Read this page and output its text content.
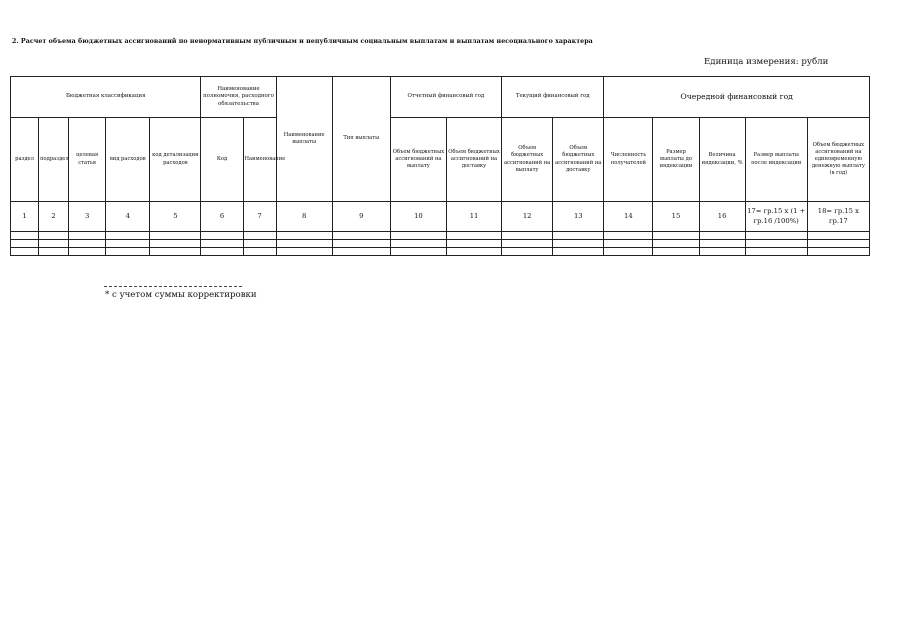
2. Расчет объема бюджетных ассигнований по ненормативным публичным и непубличным социальным выплатам и выплатам несоциального характера
Единица измерения: рубли
Бюджетная классификация					Наименование полномочия, расходного обязательства		Наименование выплаты	Тип выплаты	Отчетный финансовый год		Текущий финансовый год		Очередной финансовый год				
раздел	подраздел	целевая статья	вид расходов	код детализации расходов	Код	Наименование			Объем бюджетных ассигнований на выплату	Объем бюджетных ассигнований на доставку	Объем бюджетных ассигнований на выплату	Объем бюджетных ассигнований на доставку	Численность получателей	Размер выплаты до индексации	Величина индексации, %	Размер выплаты после индексации	Объем бюджетных ассигнований на единовременную денежную выплату (в год)
1	2	3	4	5	6	7	8	9	10	11	12	13	14	15	16	17= гр.15 х (1 + гр.16 /100%)	18= гр.15 х гр.17

* с учетом суммы корректировки
